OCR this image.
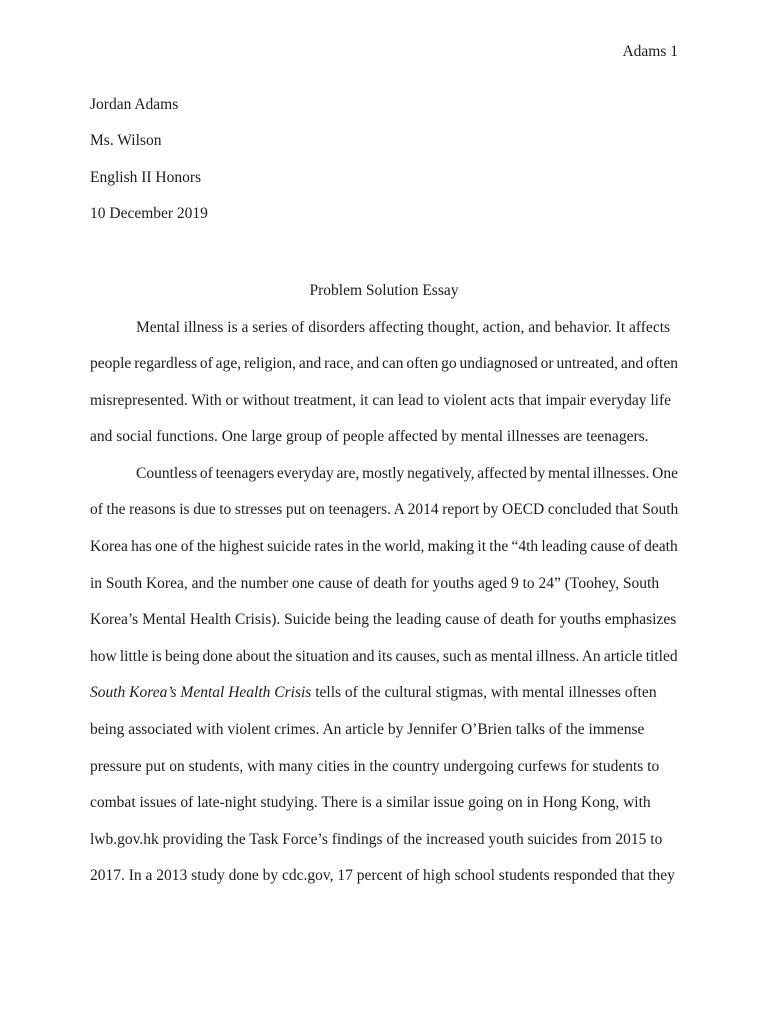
Adams 1
Jordan Adams
Ms. Wilson
English II Honors
10 December 2019
Problem Solution Essay
Mental illness is a series of disorders affecting thought, action, and behavior. It affects
people regardless of age, religion, and race, and can often go undiagnosed or untreated, and often
misrepresented. With or without treatment, it can lead to violent acts that impair everyday life
and social functions. One large group of people affected by mental illnesses are teenagers.
Countless of teenagers everyday are, mostly negatively, affected by mental illnesses. One
of the reasons is due to stresses put on teenagers. A 2014 report by OECD concluded that South
Korea has one of the highest suicide rates in the world, making it the “4th leading cause of death
in South Korea, and the number one cause of death for youths aged 9 to 24” (Toohey, South
Korea’s Mental Health Crisis). Suicide being the leading cause of death for youths emphasizes
how little is being done about the situation and its causes, such as mental illness. An article titled
South Korea’s Mental Health Crisis tells of the cultural stigmas, with mental illnesses often
being associated with violent crimes. An article by Jennifer O’Brien talks of the immense
pressure put on students, with many cities in the country undergoing curfews for students to
combat issues of late-night studying. There is a similar issue going on in Hong Kong, with
lwb.gov.hk providing the Task Force’s findings of the increased youth suicides from 2015 to
2017. In a 2013 study done by cdc.gov, 17 percent of high school students responded that they
